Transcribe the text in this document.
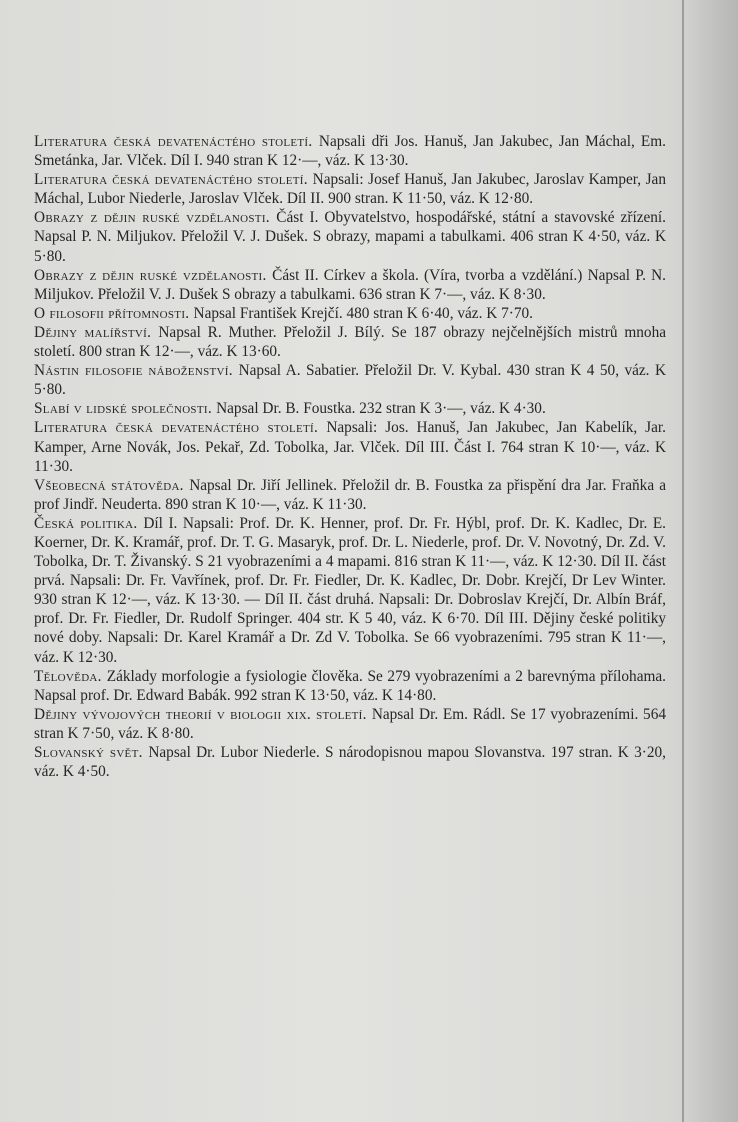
Literatura česká devatenáctého století. Napsali dři Jos. Hanuš, Jan Jakubec, Jan Máchal, Em. Smetánka, Jar. Vlček. Díl I. 940 stran K 12·—, váz. K 13·30.
Literatura česká devatenáctého století. Napsali: Josef Hanuš, Jan Jakubec, Jaroslav Kamper, Jan Máchal, Lubor Niederle, Jaroslav Vlček. Díl II. 900 stran. K 11·50, váz. K 12·80.
Obrazy z dějin ruské vzdělanosti. Část I. Obyvatelstvo, hospodářské, státní a stavovské zřízení. Napsal P. N. Miljukov. Přeložil V. J. Dušek. S obrazy, mapami a tabulkami. 406 stran K 4·50, váz. K 5·80.
Obrazy z dějin ruské vzdělanosti. Část II. Církev a škola. (Víra, tvorba a vzdělání.) Napsal P. N. Miljukov. Přeložil V. J. Dušek S obrazy a tabulkami. 636 stran K 7·—, váz. K 8·30.
O filosofii přítomnosti. Napsal František Krejčí. 480 stran K 6·40, váz. K 7·70.
Dějiny malířství. Napsal R. Muther. Přeložil J. Bílý. Se 187 obrazy nejčelnějších mistrů mnoha století. 800 stran K 12·—, váz. K 13·60.
Nástin filosofie náboženství. Napsal A. Sabatier. Přeložil Dr. V. Kybal. 430 stran K 4 50, váz. K 5·80.
Slabí v lidské společnosti. Napsal Dr. B. Foustka. 232 stran K 3·—, váz. K 4·30.
Literatura česká devatenáctého století. Napsali: Jos. Hanuš, Jan Jakubec, Jan Kabelík, Jar. Kamper, Arne Novák, Jos. Pekař, Zd. Tobolka, Jar. Vlček. Díl III. Část I. 764 stran K 10·—, váz. K 11·30.
Všeobecná státověda. Napsal Dr. Jiří Jellinek. Přeložil dr. B. Foustka za přispění dra Jar. Fraňka a prof Jindř. Neuderta. 890 stran K 10·—, váz. K 11·30.
Česká politika. Díl I. Napsali: Prof. Dr. K. Henner, prof. Dr. Fr. Hýbl, prof. Dr. K. Kadlec, Dr. E. Koerner, Dr. K. Kramář, prof. Dr. T. G. Masaryk, prof. Dr. L. Niederle, prof. Dr. V. Novotný, Dr. Zd. V. Tobolka, Dr. T. Živanský. S 21 vyobrazeními a 4 mapami. 816 stran K 11·—, váz. K 12·30. Díl II. část prvá. Napsali: Dr. Fr. Vavřínek, prof. Dr. Fr. Fiedler, Dr. K. Kadlec, Dr. Dobr. Krejčí, Dr Lev Winter. 930 stran K 12·—, váz. K 13·30. — Díl II. část druhá. Napsali: Dr. Dobroslav Krejčí, Dr. Albín Bráf, prof. Dr. Fr. Fiedler, Dr. Rudolf Springer. 404 str. K 5 40, váz. K 6·70. Díl III. Dějiny české politiky nové doby. Napsali: Dr. Karel Kramář a Dr. Zd V. Tobolka. Se 66 vyobrazeními. 795 stran K 11·—, váz. K 12·30.
Tělověda. Základy morfologie a fysiologie člověka. Se 279 vyobrazeními a 2 barevnýma přílohama. Napsal prof. Dr. Edward Babák. 992 stran K 13·50, váz. K 14·80.
Dějiny vývojových theorií v biologii xix. století. Napsal Dr. Em. Rádl. Se 17 vyobrazeními. 564 stran K 7·50, váz. K 8·80.
Slovanský svět. Napsal Dr. Lubor Niederle. S národopisnou mapou Slovanstva. 197 stran. K 3·20, váz. K 4·50.
